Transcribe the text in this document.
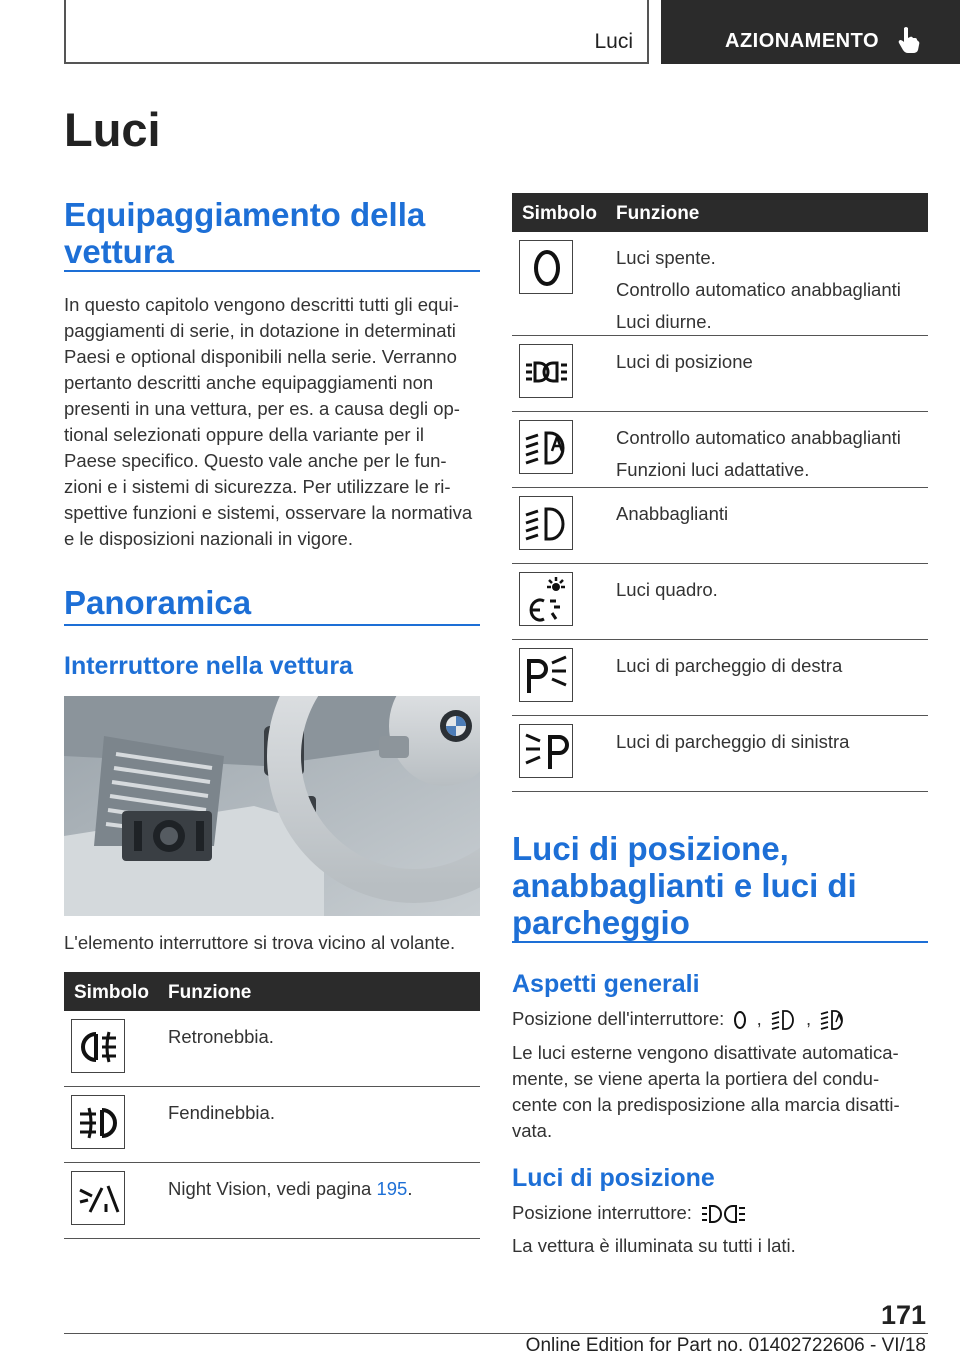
Luci	AZIONAMENTO
Luci
Equipaggiamento della vettura
In questo capitolo vengono descritti tutti gli equi-
paggiamenti di serie, in dotazione in determinati
Paesi e optional disponibili nella serie. Verranno
pertanto descritti anche equipaggiamenti non
presenti in una vettura, per es. a causa degli op-
tional selezionati oppure della variante per il
Paese specifico. Questo vale anche per le fun-
zioni e i sistemi di sicurezza. Per utilizzare le ri-
spettive funzioni e sistemi, osservare la normativa
e le disposizioni nazionali in vigore.
Panoramica
Interruttore nella vettura
L'elemento interruttore si trova vicino al volante.
Simbolo Funzione
Retronebbia.
Fendinebbia.
Night Vision, vedi pagina 195.
Simbolo Funzione
Luci spente.
Controllo automatico anabbaglianti
Luci diurne.
Luci di posizione
Controllo automatico anabbaglianti
Funzioni luci adattative.
Anabbaglianti
Luci quadro.
Luci di parcheggio di destra
Luci di parcheggio di sinistra
Luci di posizione, anabbaglianti e luci di parcheggio
Aspetti generali
Posizione dell'interruttore: , ,
Le luci esterne vengono disattivate automatica-
mente, se viene aperta la portiera del condu-
cente con la predisposizione alla marcia disatti-
vata.
Luci di posizione
Posizione interruttore:
La vettura è illuminata su tutti i lati.
171
Online Edition for Part no. 01402722606 - VI/18
